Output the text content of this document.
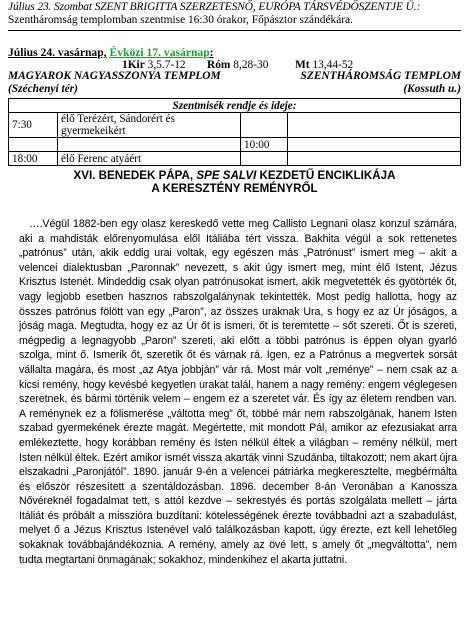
Július 23. Szombat SZENT BRIGITTA SZERZETESNŐ, EURÓPA TÁRSVÉDŐSZENTJE Ü.:
Szentháromság templomban szentmise 16:30 órakor, Főpásztor szándékára.
Július 24. vasárnap, Évközi 17. vasárnap:
1Kir 3,5.7-12 Róm 8,28-30 Mt 13,44-52
MAGYAROK NAGYASSZONYA TEMPLOM	SZENTHÁROMSÁG TEMPLOM
(Széchenyi tér)	(Kossuth u.)
Szentmisék rendje és ideje:			
7:30	élő Terézért, Sándorért és gyermekeikért		
		10:00	
18:00	élő Ferenc atyáért		
XVI. BENEDEK PÁPA, SPE SALVI KEZDETŰ ENCIKLIKÁJA
A KERESZTÉNY REMÉNYRŐL

….Végül 1882-ben egy olasz kereskedő vette meg Callisto Legnani olasz konzul számára, aki a mahdisták előrenyomulása elől Itáliába tért vissza. Bakhita végül a sok rettenetes „patrónus” után, akik eddig urai voltak, egy egészen más „Patrónust” ismert meg – akit a velencei dialektusban „Paronnak” nevezett, s akit úgy ismert meg, mint élő Istent, Jézus Krisztus Istenét. Mindeddig csak olyan patrónusokat ismert, akik megvetették és gyötörték őt, vagy legjobb esetben hasznos rabszolgalánynak tekintették. Most pedig hallotta, hogy az összes patrónus fölött van egy „Paron”, az összes uraknak Ura, s hogy ez az Úr jóságos, a jóság maga. Megtudta, hogy ez az Úr őt is ismeri, őt is teremtette – sőt szereti. Őt is szereti, mégpedig a legnagyobb „Paron” szereti, aki előtt a többi patrónus is éppen olyan gyarló szolga, mint ő. Ismerik őt, szeretik őt és várnak rá. Igen, ez a Patrónus a megvertek sorsát vállalta magára, és most „az Atya jobbján” vár rá. Most már volt „reménye” – nem csak az a kicsi remény, hogy kevésbé kegyetlen urakat talál, hanem a nagy remény: engem véglegesen szeretnek, és bármi történik velem – engem ez a szeretet vár. És így az életem rendben van. A reménynek ez a fölismerése „váltotta meg” őt, többé már nem rabszolgának, hanem Isten szabad gyermekének érezte magát. Megértette, mit mondott Pál, amikor az efezusiakat arra emlékeztette, hogy korábban remény és Isten nélkül éltek a világban – remény nélkül, mert Isten nélkül éltek. Ezért amikor ismét vissza akarták vinni Szudánba, tiltakozott; nem akart újra elszakadni „Paronjától”. 1890. január 9-én a velencei pátriárka megkeresztelte, megbérmálta és először részesített a szentáldozásban. 1896. december 8-án Veronában a Kanossza Nővéreknél fogadalmat tett, s attól kezdve – sekrestyés és portás szolgálata mellett – járta Itáliát és próbált a misszióra buzdítani: kötelességének érezte továbbadni azt a szabadulást, melyet ő a Jézus Krisztus Istenével való találkozásban kapott, úgy érezte, ezt kell lehetőleg sokaknak továbbajándékoznia. A remény, amely az övé lett, s amely őt „megváltotta”, nem tudta megtartani önmagának; sokakhoz, mindenkihez el akarta juttatni.
